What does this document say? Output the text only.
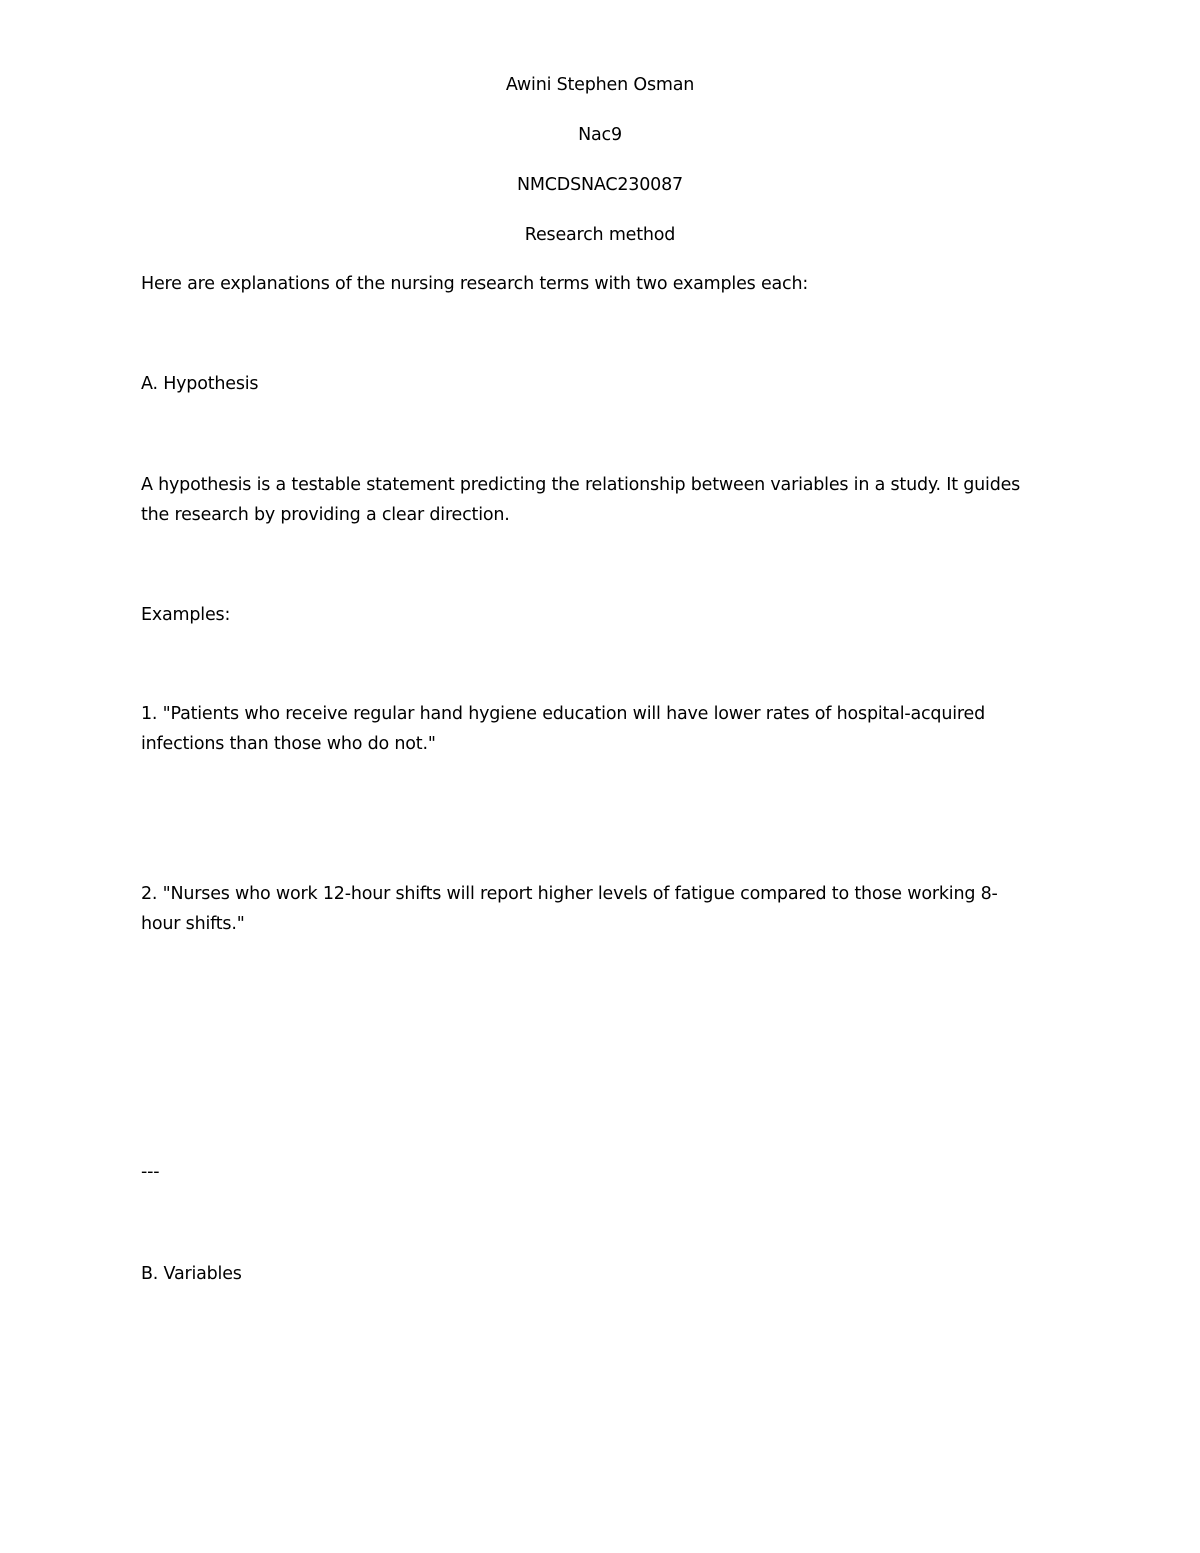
Awini Stephen Osman
Nac9
NMCDSNAC230087
Research method
Here are explanations of the nursing research terms with two examples each:
A. Hypothesis
A hypothesis is a testable statement predicting the relationship between variables in a study. It guides
the research by providing a clear direction.
Examples:
1. "Patients who receive regular hand hygiene education will have lower rates of hospital-acquired
infections than those who do not."
2. "Nurses who work 12-hour shifts will report higher levels of fatigue compared to those working 8-
hour shifts."
---
B. Variables
